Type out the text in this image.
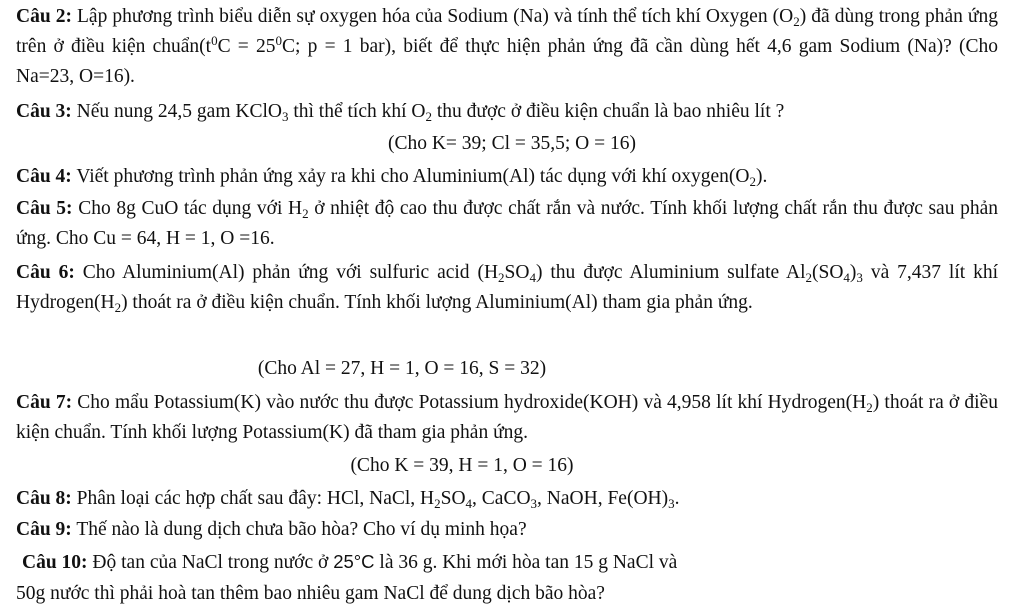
Câu 2: Lập phương trình biểu diễn sự oxygen hóa của Sodium (Na) và tính thể tích khí Oxygen $(O_2)$ đã dùng trong phản ứng trên ở điều kiện $chuẩn(t^0C = 25^0C$; p = 1 bar), biết để thực hiện phản ứng đã cần dùng hết 4,6 gam Sodium (Na)? (Cho Na=23, O=16).

Câu 3: Nếu nung 24,5 gam KClO$_3$ thì thể tích khí $O_2$ thu được ở điều kiện chuẩn là bao nhiêu lít ?

(Cho K= 39; Cl = 35,5; O = 16)

Câu 4: Viết phương trình phản ứng xảy ra khi cho Aluminium(Al) tác dụng với khí $oxygen(O_2)$.

Câu 5: Cho 8g CuO tác dụng với $H_2$ ở nhiệt độ cao thu được chất rắn và nước. Tính khối lượng chất rắn thu được sau phản ứng. Cho Cu = 64, H = 1, O =16.

Câu 6: Cho Aluminium(Al) phản ứng với sulfuric acid $(H_2SO_4)$ thu được Aluminium sulfate $Al_2(SO_4)_3$ và 7,437 lít khí $Hydrogen(H_2)$ thoát ra ở điều kiện chuẩn. Tính khối lượng Aluminium(Al) tham gia phản ứng.

(Cho Al = 27, H = 1, O = 16, S = 32)

Câu 7: Cho mẩu Potassium(K) vào nước thu được Potassium hydroxide(KOH) và 4,958 lít khí $Hydrogen(H_2)$ thoát ra ở điều kiện chuẩn. Tính khối lượng Potassium(K) đã tham gia phản ứng.

(Cho K = 39, H = 1, O = 16)

Câu 8: Phân loại các hợp chất sau đây: HCl, NaCl, $H_2SO_4$, CaCO$_3$, NaOH, $Fe(OH)_3$.

Câu 9: Thế nào là dung dịch chưa bão hòa? Cho ví dụ minh họa?

Câu 10: Độ tan của NaCl trong nước ở 25°C là 36 g. Khi mới hòa tan 15 g NaCl và

50g nước thì phải hoà tan thêm bao nhiêu gam NaCl để dung dịch bão hòa?
